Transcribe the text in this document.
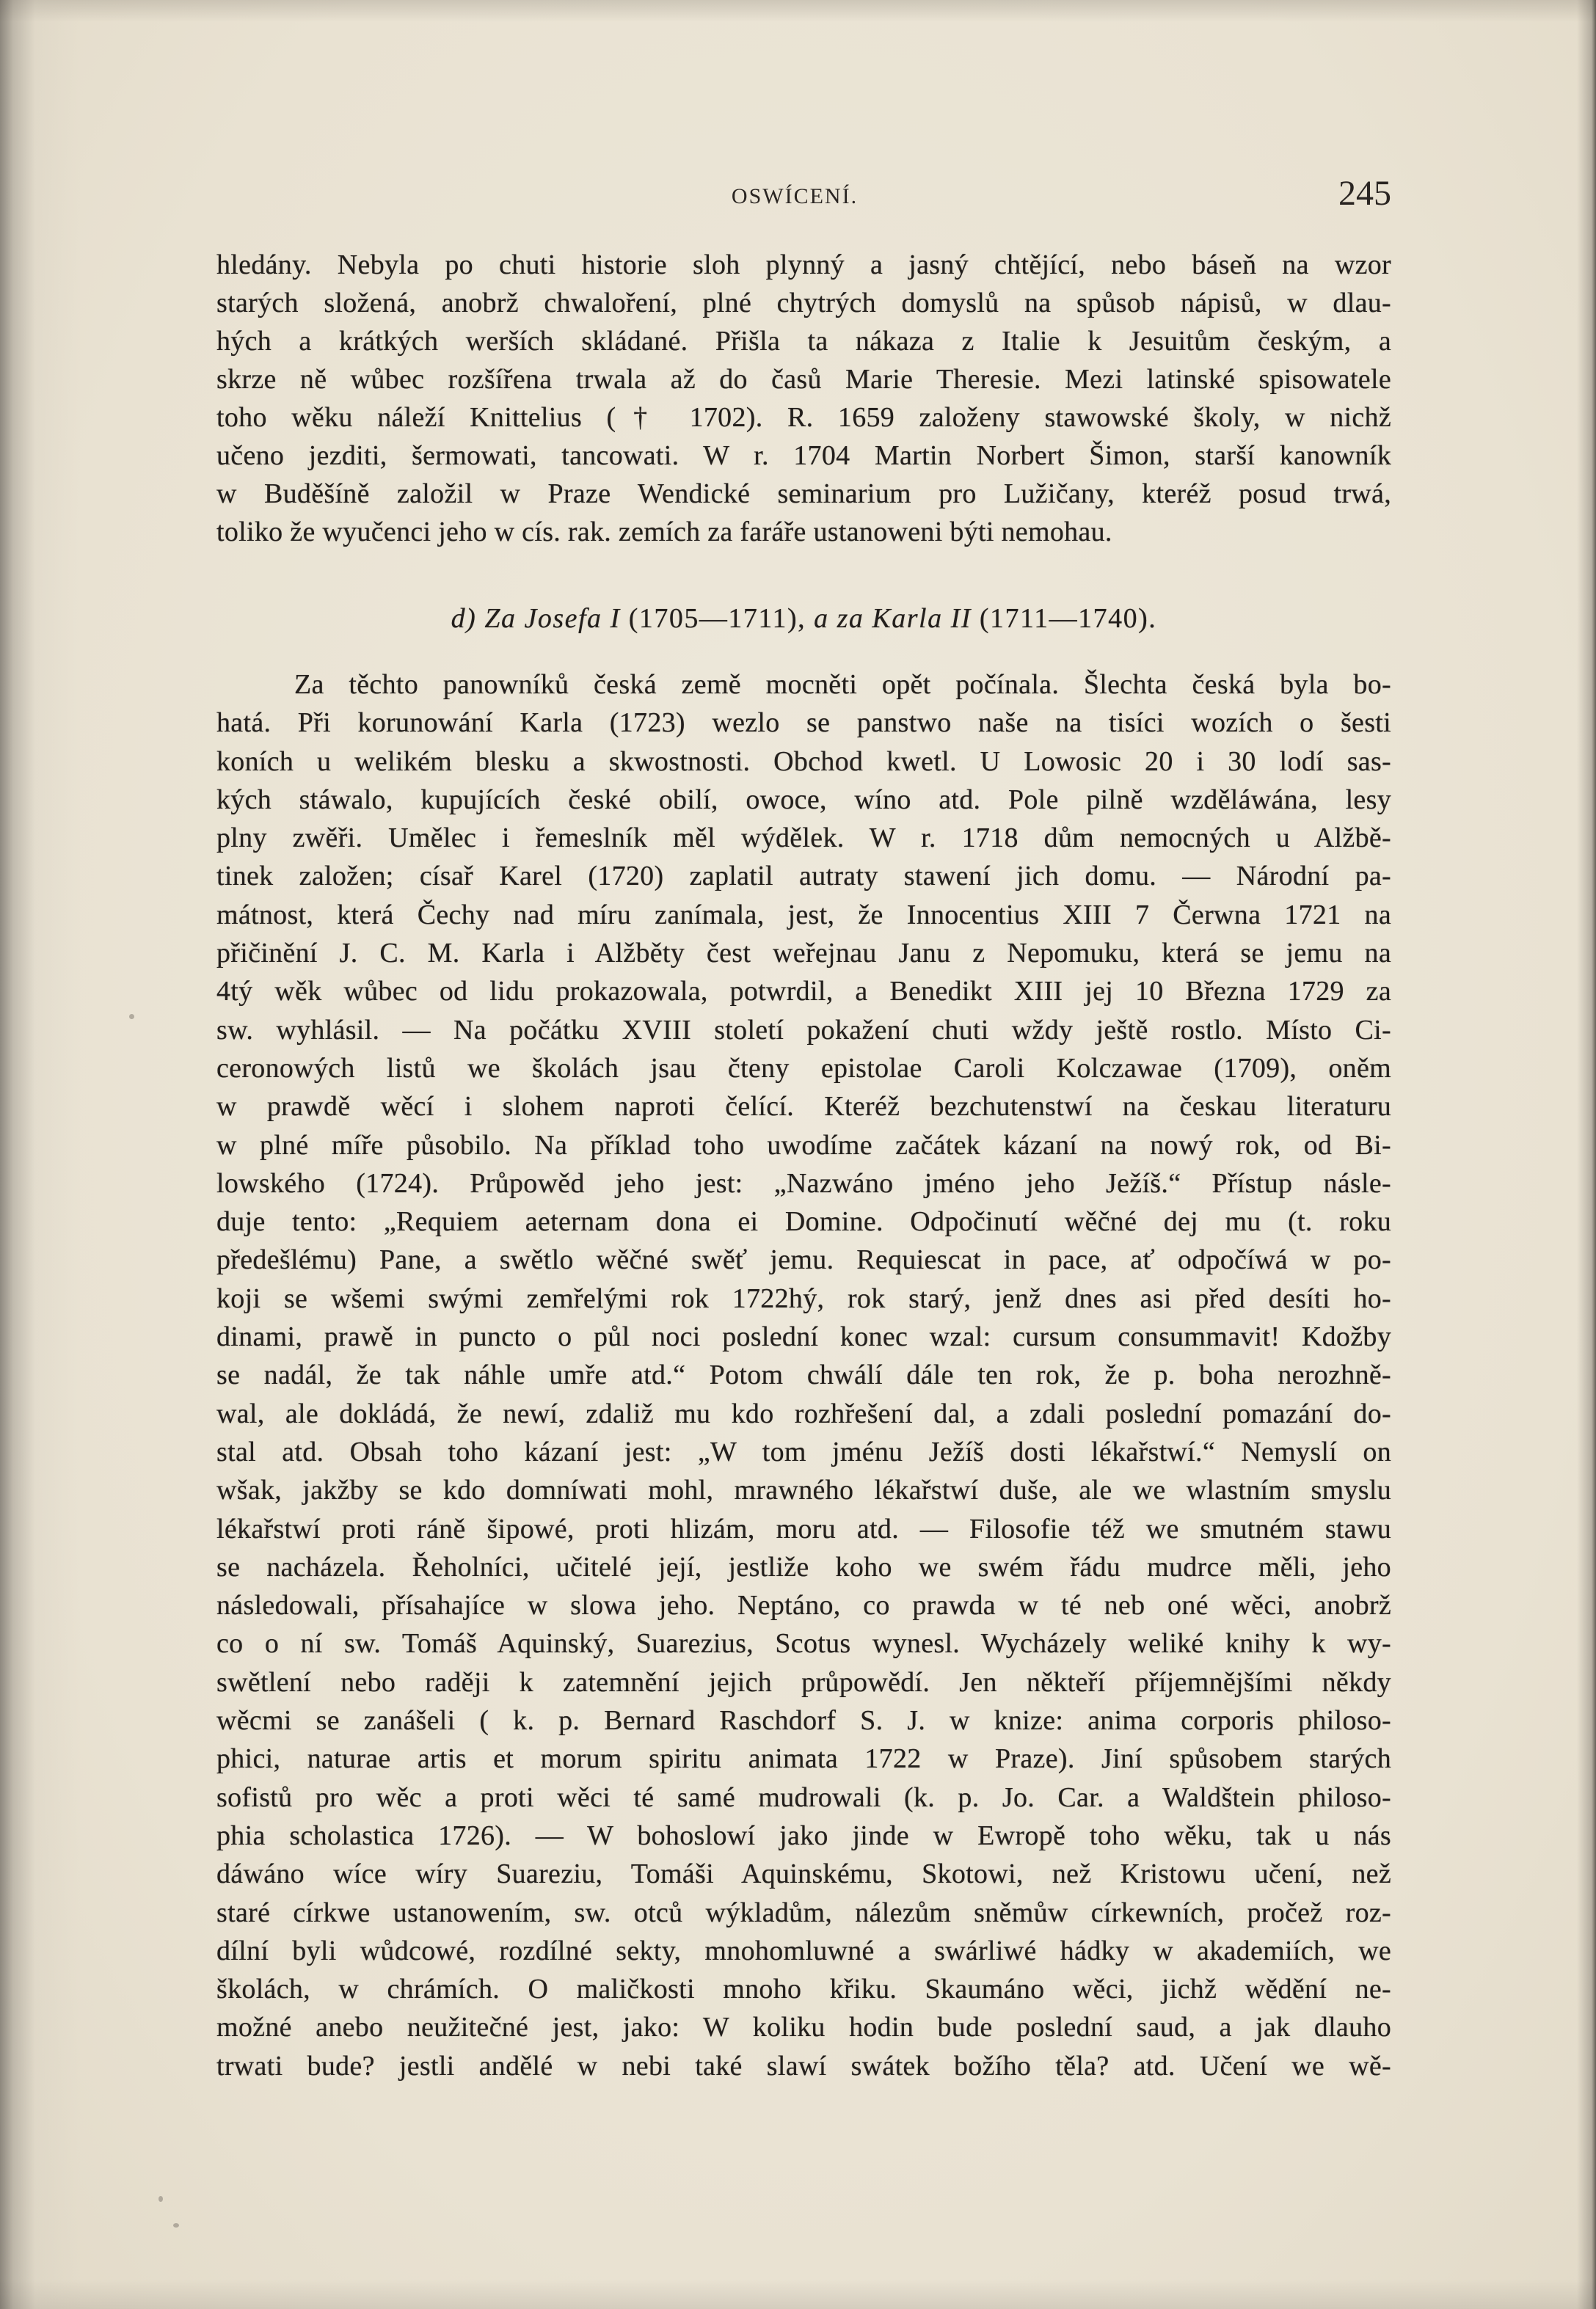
OSWÍCENÍ.	245
hledány. Nebyla po chuti historie sloh plynný a jasný chtějící, nebo báseň na wzor
starých složená, anobrž chwaloření, plné chytrých domyslů na spůsob nápisů, w dlau-
hých a krátkých werších skládané. Přišla ta nákaza z Italie k Jesuitům českým, a
skrze ně wůbec rozšířena trwala až do časů Marie Theresie. Mezi latinské spisowatele
toho wěku náleží Knittelius († 1702). R. 1659 založeny stawowské školy, w nichž
učeno jezditi, šermowati, tancowati. W r. 1704 Martin Norbert Šimon, starší kanowník
w Buděšíně založil w Praze Wendické seminarium pro Lužičany, kteréž posud trwá,
toliko že wyučenci jeho w cís. rak. zemích za faráře ustanoweni býti nemohau.
d) Za Josefa I (1705—1711), a za Karla II (1711—1740).
Za těchto panowníků česká země mocněti opět počínala. Šlechta česká byla bo-
hatá. Při korunowání Karla (1723) wezlo se panstwo naše na tisíci wozích o šesti
koních u welikém blesku a skwostnosti. Obchod kwetl. U Lowosic 20 i 30 lodí sas-
kých stáwalo, kupujících české obilí, owoce, wíno atd. Pole pilně wzděláwána, lesy
plny zwěři. Umělec i řemeslník měl wýdělek. W r. 1718 dům nemocných u Alžbě-
tinek založen; císař Karel (1720) zaplatil autraty stawení jich domu. — Národní pa-
mátnost, která Čechy nad míru zanímala, jest, že Innocentius XIII 7 Čerwna 1721 na
přičinění J. C. M. Karla i Alžběty čest weřejnau Janu z Nepomuku, která se jemu na
4tý wěk wůbec od lidu prokazowala, potwrdil, a Benedikt XIII jej 10 Března 1729 za
sw. wyhlásil. — Na počátku XVIII století pokažení chuti wždy ještě rostlo. Místo Ci-
ceronowých listů we školách jsau čteny epistolae Caroli Kolczawae (1709), oněm
w prawdě wěcí i slohem naproti čelící. Kteréž bezchutenstwí na českau literaturu
w plné míře působilo. Na příklad toho uwodíme začátek kázaní na nowý rok, od Bi-
lowského (1724). Průpowěd jeho jest: „Nazwáno jméno jeho Ježíš.“ Přístup násle-
duje tento: „Requiem aeternam dona ei Domine. Odpočinutí wěčné dej mu (t. roku
předešlému) Pane, a swětlo wěčné swěť jemu. Requiescat in pace, ať odpočíwá w po-
koji se wšemi swými zemřelými rok 1722hý, rok starý, jenž dnes asi před desíti ho-
dinami, prawě in puncto o půl noci poslední konec wzal: cursum consummavit! Kdožby
se nadál, že tak náhle umře atd.“ Potom chwálí dále ten rok, že p. boha nerozhně-
wal, ale dokládá, že newí, zdaliž mu kdo rozhřešení dal, a zdali poslední pomazání do-
stal atd. Obsah toho kázaní jest: „W tom jménu Ježíš dosti lékařstwí.“ Nemyslí on
wšak, jakžby se kdo domníwati mohl, mrawného lékařstwí duše, ale we wlastním smyslu
lékařstwí proti ráně šipowé, proti hlizám, moru atd. — Filosofie též we smutném stawu
se nacházela. Řeholníci, učitelé její, jestliže koho we swém řádu mudrce měli, jeho
následowali, přísahajíce w slowa jeho. Neptáno, co prawda w té neb oné wěci, anobrž
co o ní sw. Tomáš Aquinský, Suarezius, Scotus wynesl. Wycházely weliké knihy k wy-
swětlení nebo raději k zatemnění jejich průpowědí. Jen někteří příjemnějšími někdy
wěcmi se zanášeli ( k. p. Bernard Raschdorf S. J. w knize: anima corporis philoso-
phici, naturae artis et morum spiritu animata 1722 w Praze). Jiní spůsobem starých
sofistů pro wěc a proti wěci té samé mudrowali (k. p. Jo. Car. a Waldštein philoso-
phia scholastica 1726). — W bohoslowí jako jinde w Ewropě toho wěku, tak u nás
dáwáno wíce wíry Suareziu, Tomáši Aquinskému, Skotowi, než Kristowu učení, než
staré církwe ustanowením, sw. otců wýkladům, nálezům sněmůw církewních, pročež roz-
dílní byli wůdcowé, rozdílné sekty, mnohomluwné a swárliwé hádky w akademiích, we
školách, w chrámích. O maličkosti mnoho křiku. Skaumáno wěci, jichž wědění ne-
možné anebo neužitečné jest, jako: W koliku hodin bude poslední saud, a jak dlauho
trwati bude? jestli andělé w nebi také slawí swátek božího těla? atd. Učení we wě-
